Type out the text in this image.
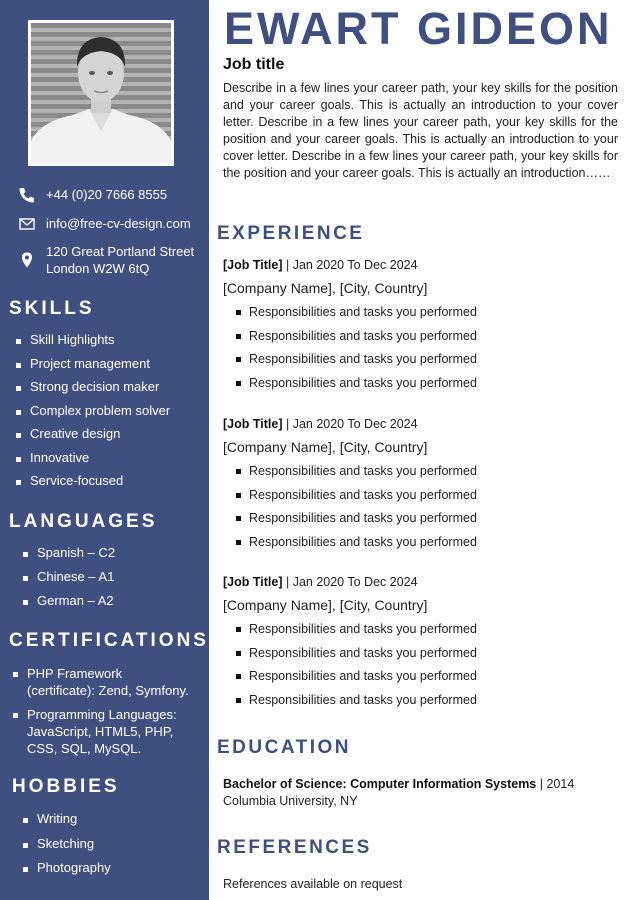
+44 (0)20 7666 8555
info@free-cv-design.com
120 Great Portland Street
London W2W 6tQ
SKILLS
Skill Highlights
Project management
Strong decision maker
Complex problem solver
Creative design
Innovative
Service-focused
LANGUAGES
Spanish – C2
Chinese – A1
German – A2
CERTIFICATIONS
PHP Framework (certificate): Zend, Symfony.
Programming Languages: JavaScript, HTML5, PHP, CSS, SQL, MySQL.
HOBBIES
Writing
Sketching
Photography
EWART GIDEON
Job title

Describe in a few lines your career path, your key skills for the position and your career goals. This is actually an introduction to your cover letter. Describe in a few lines your career path, your key skills for the position and your career goals. This is actually an introduction to your cover letter. Describe in a few lines your career path, your key skills for the position and your career goals. This is actually an introduction……

EXPERIENCE
[Job Title] | Jan 2020 To Dec 2024
[Company Name], [City, Country]
Responsibilities and tasks you performed
Responsibilities and tasks you performed
Responsibilities and tasks you performed
Responsibilities and tasks you performed
[Job Title] | Jan 2020 To Dec 2024
[Company Name], [City, Country]
Responsibilities and tasks you performed
Responsibilities and tasks you performed
Responsibilities and tasks you performed
Responsibilities and tasks you performed
[Job Title] | Jan 2020 To Dec 2024
[Company Name], [City, Country]
Responsibilities and tasks you performed
Responsibilities and tasks you performed
Responsibilities and tasks you performed
Responsibilities and tasks you performed
EDUCATION
Bachelor of Science: Computer Information Systems | 2014
Columbia University, NY
REFERENCES
References available on request
